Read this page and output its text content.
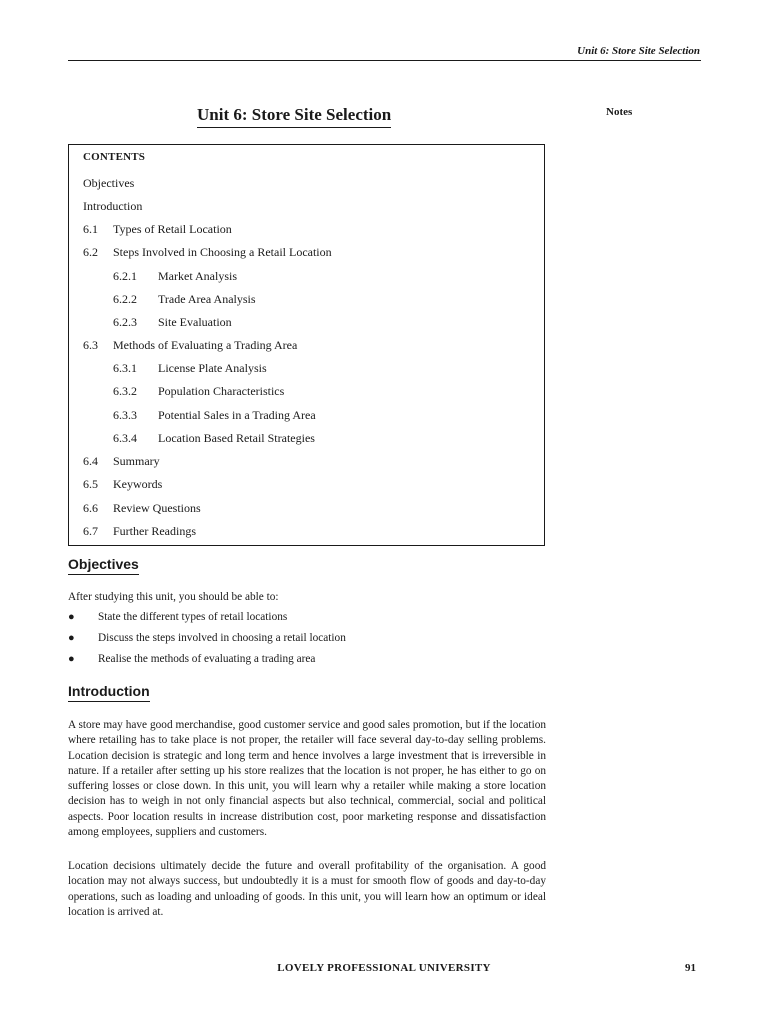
Unit 6: Store Site Selection
Unit 6: Store Site Selection	Notes
CONTENTS
Objectives
Introduction
6.1 Types of Retail Location
6.2 Steps Involved in Choosing a Retail Location
6.2.1 Market Analysis
6.2.2 Trade Area Analysis
6.2.3 Site Evaluation
6.3 Methods of Evaluating a Trading Area
6.3.1 License Plate Analysis
6.3.2 Population Characteristics
6.3.3 Potential Sales in a Trading Area
6.3.4 Location Based Retail Strategies
6.4 Summary
6.5 Keywords
6.6 Review Questions
6.7 Further Readings
Objectives

After studying this unit, you should be able to:

● State the different types of retail locations
● Discuss the steps involved in choosing a retail location
● Realise the methods of evaluating a trading area
Introduction

A store may have good merchandise, good customer service and good sales promotion, but if the location where retailing has to take place is not proper, the retailer will face several day-to-day selling problems. Location decision is strategic and long term and hence involves a large investment that is irreversible in nature. If a retailer after setting up his store realizes that the location is not proper, he has either to go on suffering losses or close down. In this unit, you will learn why a retailer while making a store location decision has to weigh in not only financial aspects but also technical, commercial, social and political aspects. Poor location results in increase distribution cost, poor marketing response and dissatisfaction among employees, suppliers and customers.

Location decisions ultimately decide the future and overall profitability of the organisation. A good location may not always success, but undoubtedly it is a must for smooth flow of goods and day-to-day operations, such as loading and unloading of goods. In this unit, you will learn how an optimum or ideal location is arrived at.

LOVELY PROFESSIONAL UNIVERSITY	91
